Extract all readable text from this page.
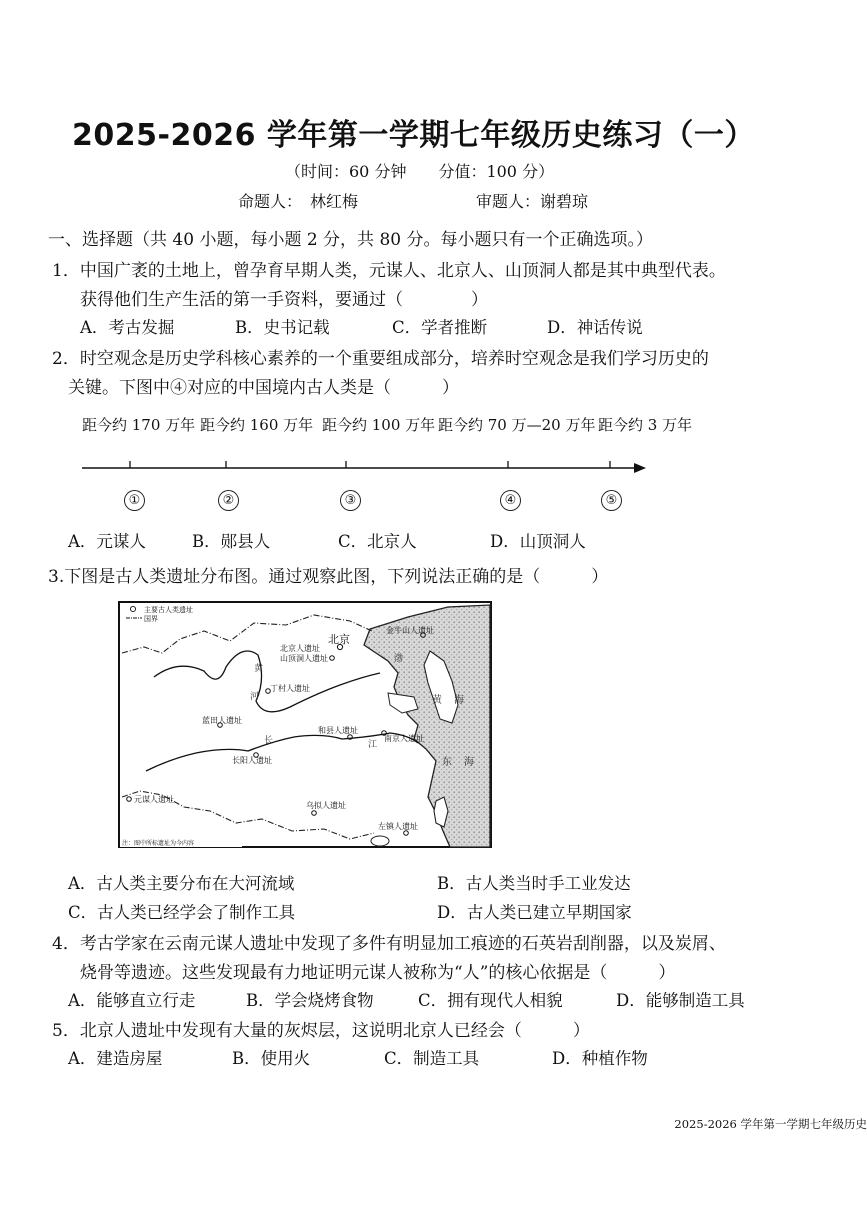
2025-2026 学年第一学期七年级历史练习（一）
（时间：60 分钟　　分值：100 分）
命题人：　林红梅	审题人：谢碧琼
一、选择题（共 40 小题，每小题 2 分，共 80 分。每小题只有一个正确选项。）
1．中国广袤的土地上，曾孕育早期人类，元谋人、北京人、山顶洞人都是其中典型代表。
获得他们生产生活的第一手资料，要通过（　　　　）
A．考古发掘	B．史书记载	C．学者推断	D．神话传说
2．时空观念是历史学科核心素养的一个重要组成部分，培养时空观念是我们学习历史的
关键。下图中④对应的中国境内古人类是（　　　）
距今约 170 万年 距今约 160 万年 距今约 100 万年 距今约 70 万—20 万年 距今约 3 万年
①	②	③	④	⑤
A．元谋人	B．郧县人	C．北京人	D．山顶洞人
3.下图是古人类遗址分布图。通过观察此图，下列说法正确的是（　　　）
主要古人类遗址
国界
北京
北京人遗址
山顶洞人遗址
金牛山人遗址
丁村人遗址
蓝田人遗址
和县人遗址
南京人遗址
长阳人遗址
元谋人遗址
乌拟人遗址
左镇人遗址
黄
河
渤
黄 海
长	江
东 海
注：图中所标遗址为今内容
A．古人类主要分布在大河流域	B．古人类当时手工业发达
C．古人类已经学会了制作工具	D．古人类已建立早期国家
4．考古学家在云南元谋人遗址中发现了多件有明显加工痕迹的石英岩刮削器，以及炭屑、
烧骨等遗迹。这些发现最有力地证明元谋人被称为“人”的核心依据是（　　　）
A．能够直立行走	B．学会烧烤食物	C．拥有现代人相貌	D．能够制造工具
5．北京人遗址中发现有大量的灰烬层，这说明北京人已经会（　　　）
A．建造房屋	B．使用火	C．制造工具	D．种植作物
2025-2026 学年第一学期七年级历史
